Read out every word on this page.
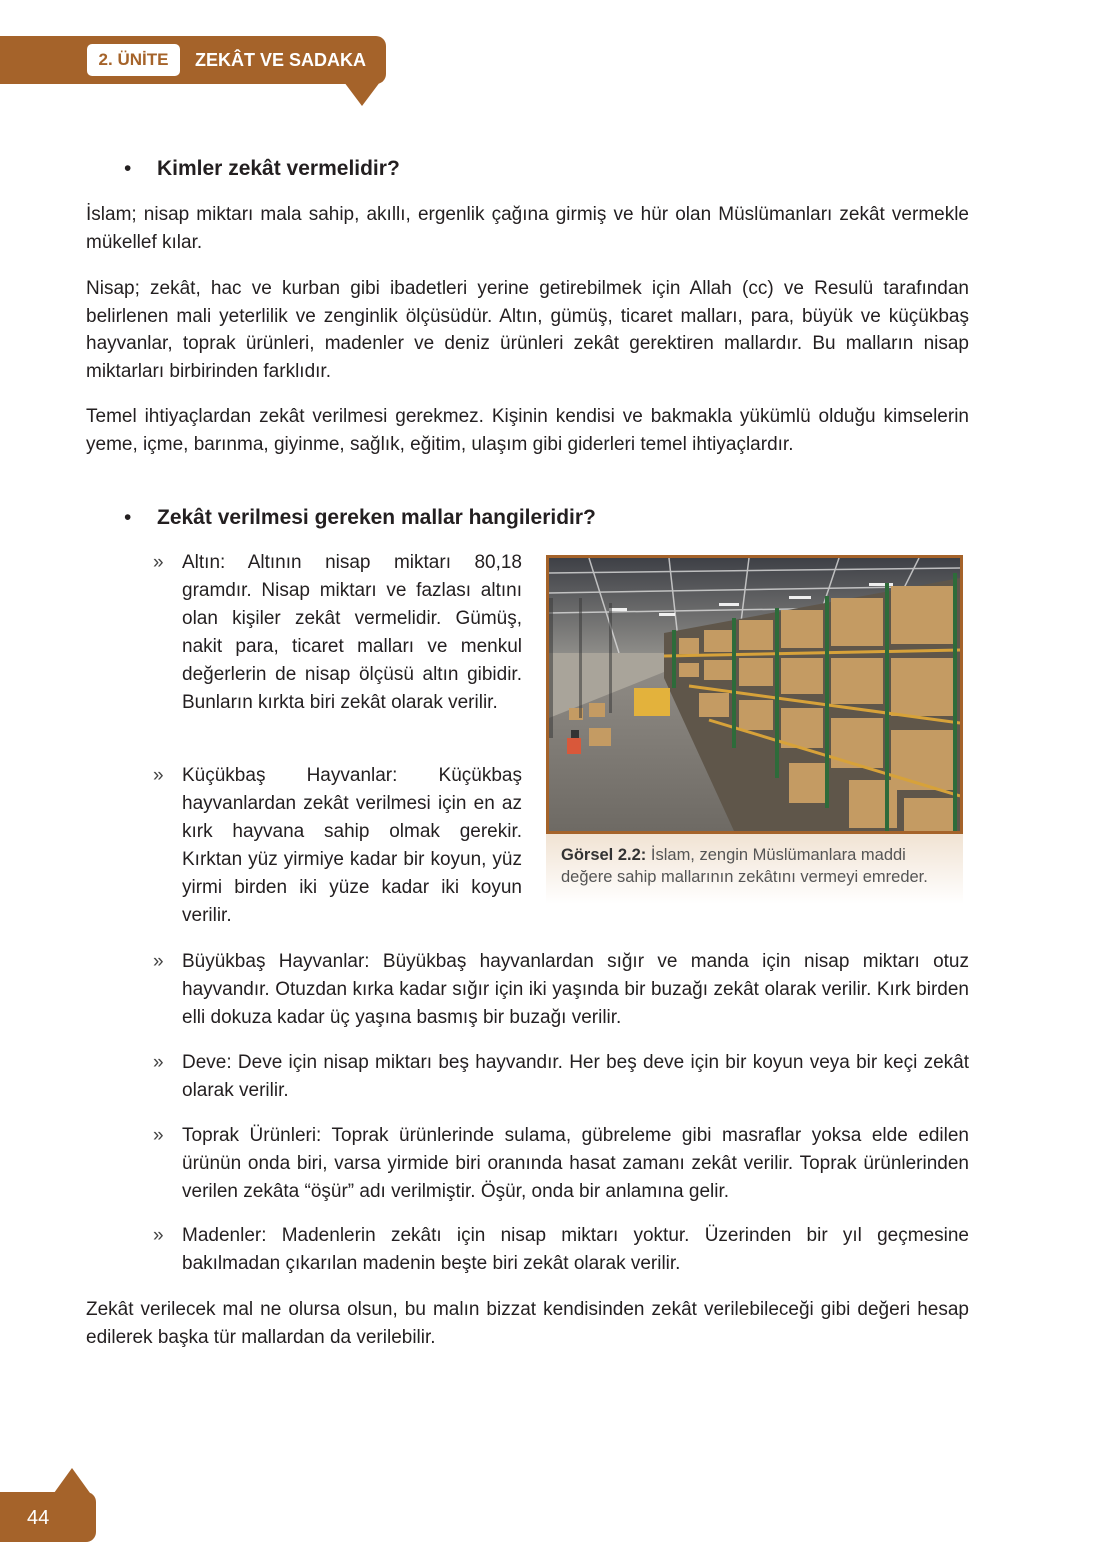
2. ÜNİTE	ZEKÂT VE SADAKA
• Kimler zekât vermelidir?

İslam; nisap miktarı mala sahip, akıllı, ergenlik çağına girmiş ve hür olan Müslümanları zekât vermekle mükellef kılar.

Nisap; zekât, hac ve kurban gibi ibadetleri yerine getirebilmek için Allah (cc) ve Resulü tarafından belirlenen mali yeterlilik ve zenginlik ölçüsüdür. Altın, gümüş, ticaret malları, para, büyük ve küçükbaş hayvanlar, toprak ürünleri, madenler ve deniz ürünleri zekât gerektiren mallardır. Bu malların nisap miktarları birbirinden farklıdır.

Temel ihtiyaçlardan zekât verilmesi gerekmez. Kişinin kendisi ve bakmakla yükümlü olduğu kimselerin yeme, içme, barınma, giyinme, sağlık, eğitim, ulaşım gibi giderleri temel ihtiyaçlardır.

• Zekât verilmesi gereken mallar hangileridir?
» Altın: Altının nisap miktarı 80,18 gramdır. Nisap miktarı ve fazlası altını olan kişiler zekât vermelidir. Gümüş, nakit para, ticaret malları ve menkul değerlerin de nisap ölçüsü altın gibidir. Bunların kırkta biri zekât olarak verilir.
» Küçükbaş Hayvanlar: Küçükbaş hayvanlardan zekât verilmesi için en az kırk hayvana sahip olmak gerekir. Kırktan yüz yirmiye kadar bir koyun, yüz yirmi birden iki yüze kadar iki koyun verilir.
Görsel 2.2: İslam, zengin Müslümanlara maddi değere sahip mallarının zekâtını vermeyi emreder.
» Büyükbaş Hayvanlar: Büyükbaş hayvanlardan sığır ve manda için nisap miktarı otuz hayvandır. Otuzdan kırka kadar sığır için iki yaşında bir buzağı zekât olarak verilir. Kırk birden elli dokuza kadar üç yaşına basmış bir buzağı verilir.
» Deve: Deve için nisap miktarı beş hayvandır. Her beş deve için bir koyun veya bir keçi zekât olarak verilir.
» Toprak Ürünleri: Toprak ürünlerinde sulama, gübreleme gibi masraflar yoksa elde edilen ürünün onda biri, varsa yirmide biri oranında hasat zamanı zekât verilir. Toprak ürünlerinden verilen zekâta “öşür” adı verilmiştir. Öşür, onda bir anlamına gelir.
» Madenler: Madenlerin zekâtı için nisap miktarı yoktur. Üzerinden bir yıl geçmesine bakılmadan çıkarılan madenin beşte biri zekât olarak verilir.

Zekât verilecek mal ne olursa olsun, bu malın bizzat kendisinden zekât verilebileceği gibi değeri hesap edilerek başka tür mallardan da verilebilir.

44
